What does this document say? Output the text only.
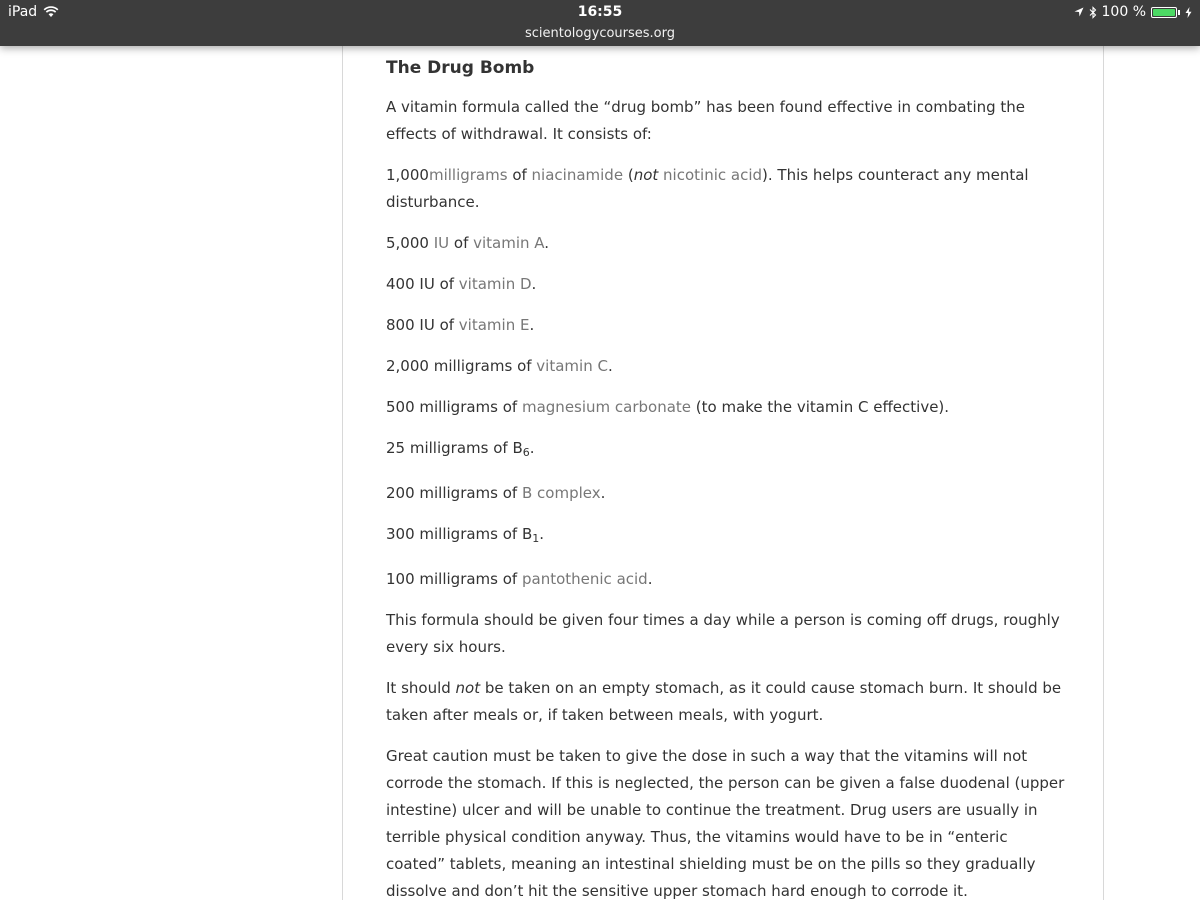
iPad	16:55
scientologycourses.org
100 %
The Drug Bomb

A vitamin formula called the “drug bomb” has been found effective in combating the effects of withdrawal. It consists of:

1,000milligrams of niacinamide (not nicotinic acid). This helps counteract any mental disturbance.

5,000 IU of vitamin A.

400 IU of vitamin D.

800 IU of vitamin E.

2,000 milligrams of vitamin C.

500 milligrams of magnesium carbonate (to make the vitamin C effective).

25 milligrams of $B_6$.

200 milligrams of B complex.

300 milligrams of $B_1$.

100 milligrams of pantothenic acid.

This formula should be given four times a day while a person is coming off drugs, roughly every six hours.

It should not be taken on an empty stomach, as it could cause stomach burn. It should be taken after meals or, if taken between meals, with yogurt.

Great caution must be taken to give the dose in such a way that the vitamins will not corrode the stomach. If this is neglected, the person can be given a false duodenal (upper intestine) ulcer and will be unable to continue the treatment. Drug users are usually in terrible physical condition anyway. Thus, the vitamins would have to be in “enteric coated” tablets, meaning an intestinal shielding must be on the pills so they gradually dissolve and don’t hit the sensitive upper stomach hard enough to corrode it.
